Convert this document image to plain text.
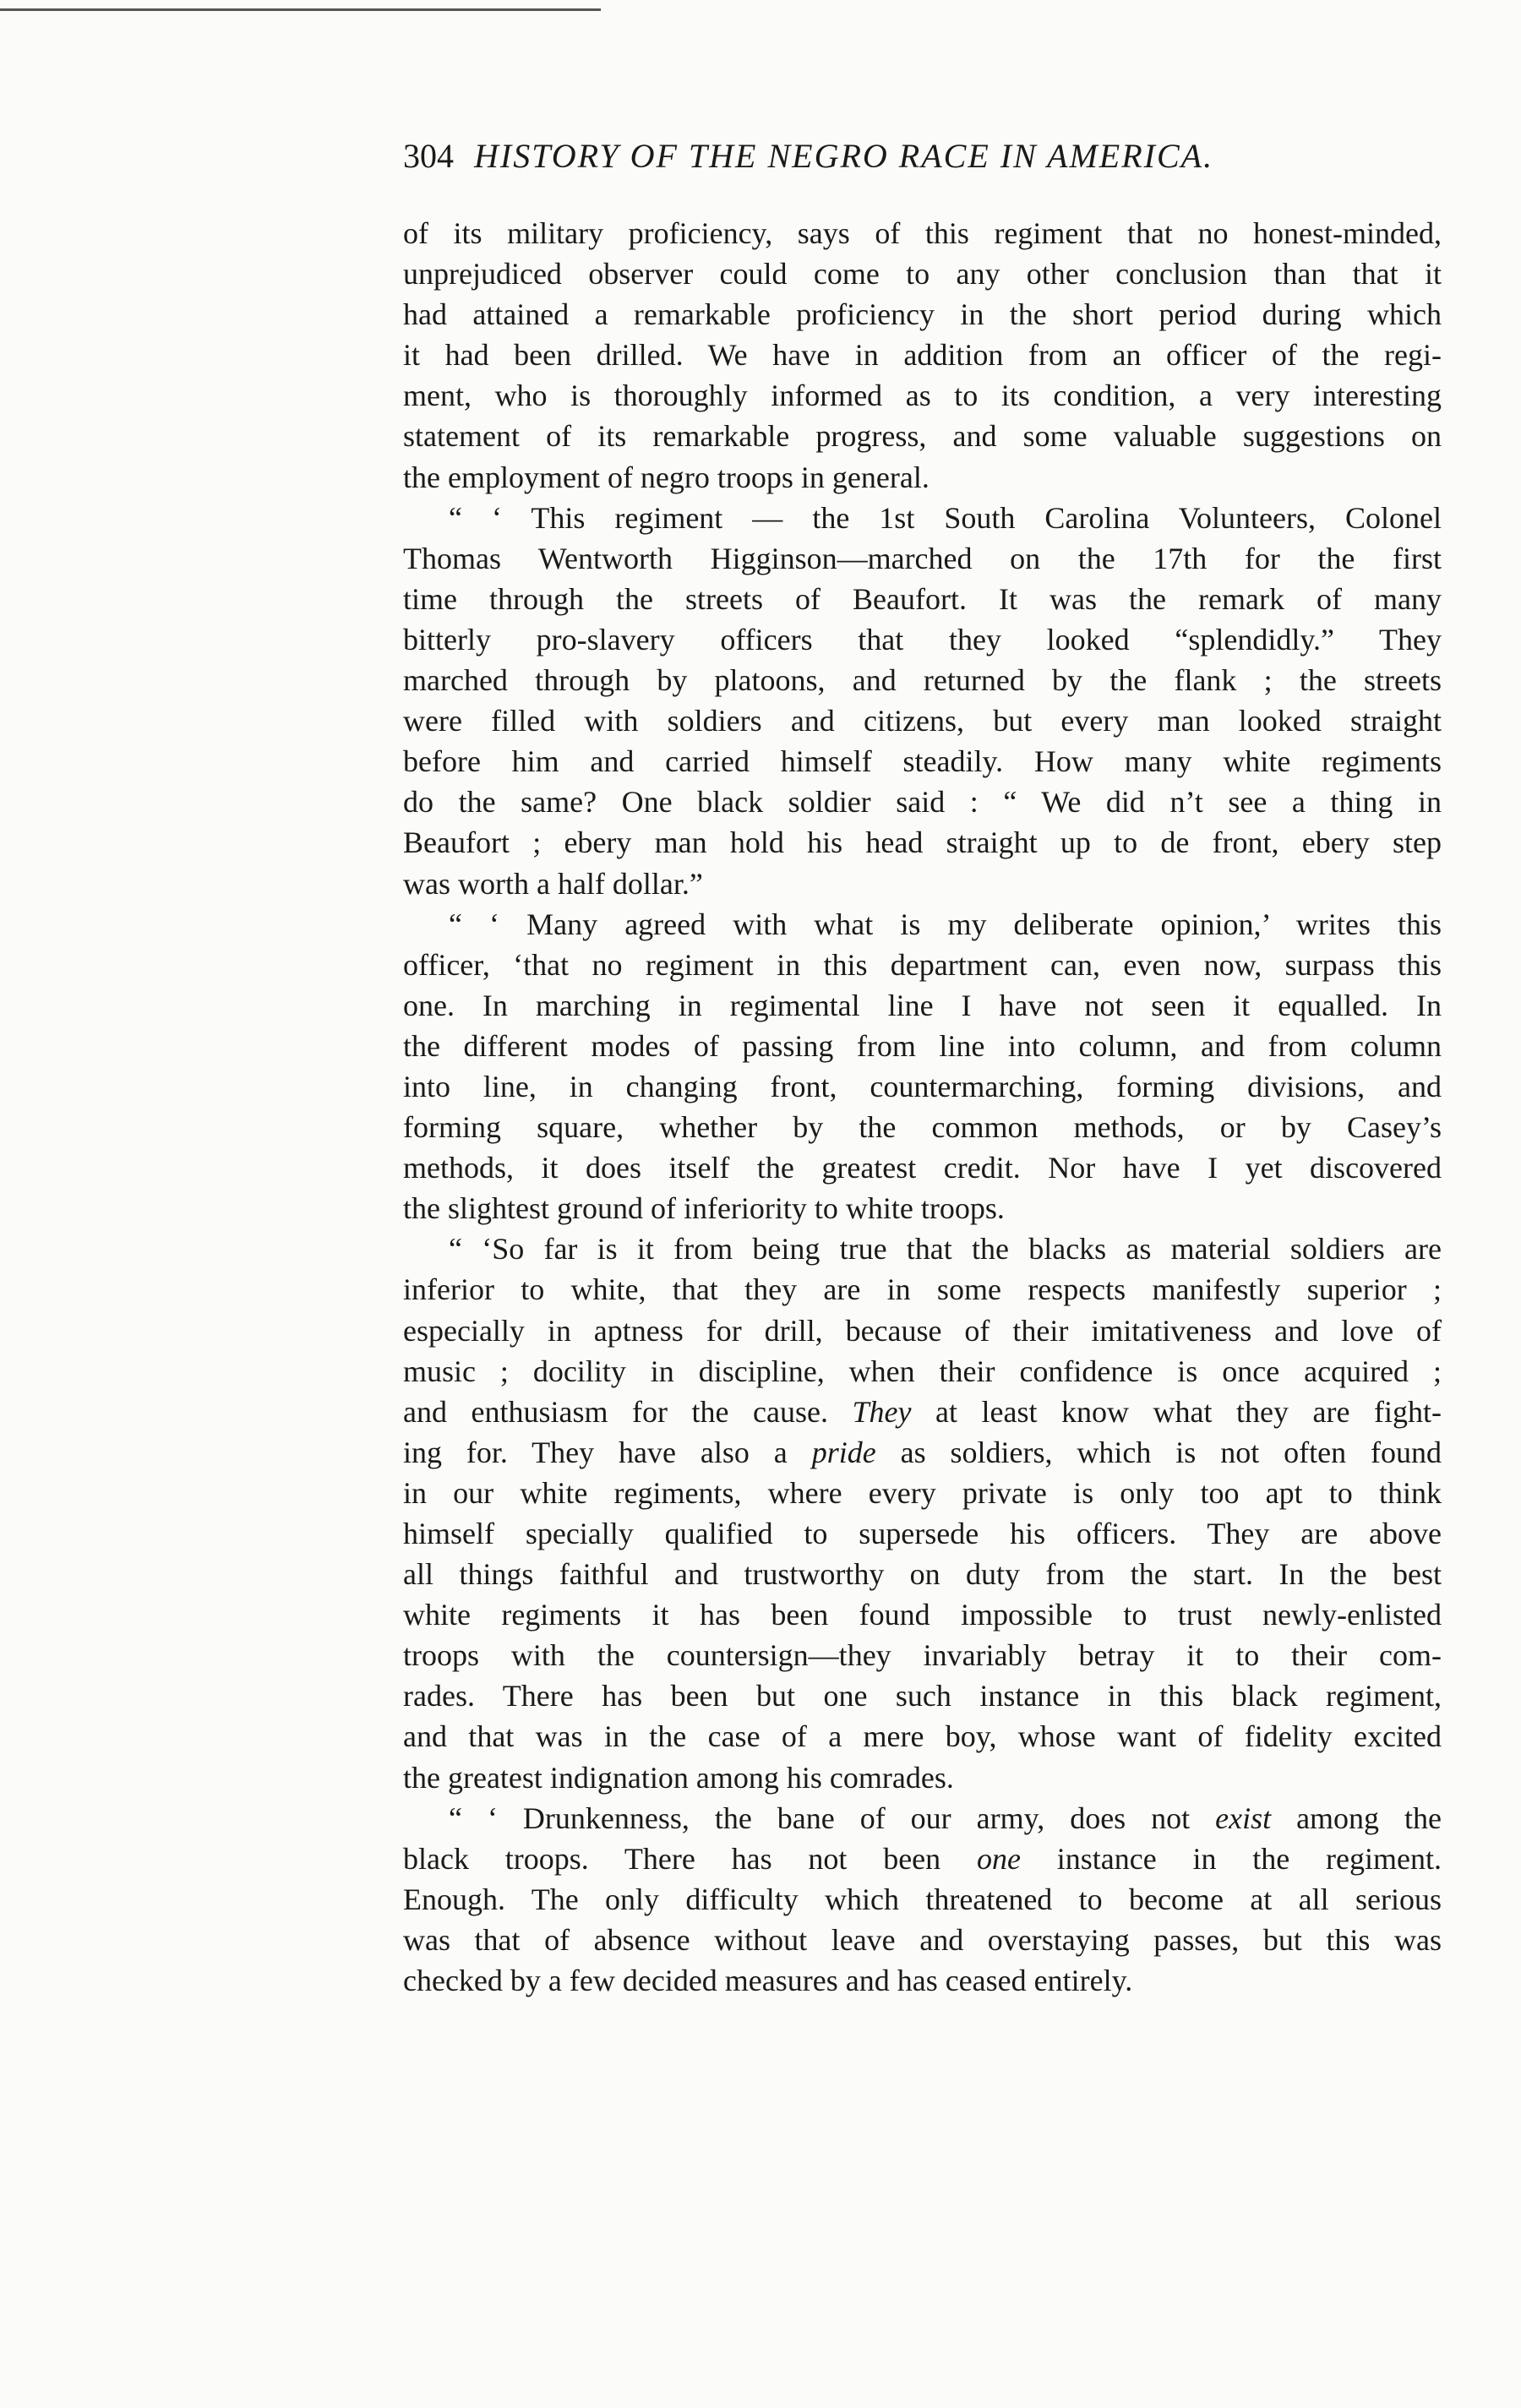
304 HISTORY OF THE NEGRO RACE IN AMERICA.
of its military proficiency, says of this regiment that no honest-minded,
unprejudiced observer could come to any other conclusion than that it
had attained a remarkable proficiency in the short period during which
it had been drilled. We have in addition from an officer of the regi-
ment, who is thoroughly informed as to its condition, a very interesting
statement of its remarkable progress, and some valuable suggestions on
the employment of negro troops in general.
“ ‘ This regiment — the 1st South Carolina Volunteers, Colonel
Thomas Wentworth Higginson—marched on the 17th for the first
time through the streets of Beaufort. It was the remark of many
bitterly pro-slavery officers that they looked “splendidly.” They
marched through by platoons, and returned by the flank ; the streets
were filled with soldiers and citizens, but every man looked straight
before him and carried himself steadily. How many white regiments
do the same? One black soldier said : “ We did n’t see a thing in
Beaufort ; ebery man hold his head straight up to de front, ebery step
was worth a half dollar.”
“ ‘ Many agreed with what is my deliberate opinion,’ writes this
officer, ‘that no regiment in this department can, even now, surpass this
one. In marching in regimental line I have not seen it equalled. In
the different modes of passing from line into column, and from column
into line, in changing front, countermarching, forming divisions, and
forming square, whether by the common methods, or by Casey’s
methods, it does itself the greatest credit. Nor have I yet discovered
the slightest ground of inferiority to white troops.
“ ‘So far is it from being true that the blacks as material soldiers are
inferior to white, that they are in some respects manifestly superior ;
especially in aptness for drill, because of their imitativeness and love of
music ; docility in discipline, when their confidence is once acquired ;
and enthusiasm for the cause. They at least know what they are fight-
ing for. They have also a pride as soldiers, which is not often found
in our white regiments, where every private is only too apt to think
himself specially qualified to supersede his officers. They are above
all things faithful and trustworthy on duty from the start. In the best
white regiments it has been found impossible to trust newly-enlisted
troops with the countersign—they invariably betray it to their com-
rades. There has been but one such instance in this black regiment,
and that was in the case of a mere boy, whose want of fidelity excited
the greatest indignation among his comrades.
“ ‘ Drunkenness, the bane of our army, does not exist among the
black troops. There has not been one instance in the regiment.
Enough. The only difficulty which threatened to become at all serious
was that of absence without leave and overstaying passes, but this was
checked by a few decided measures and has ceased entirely.
